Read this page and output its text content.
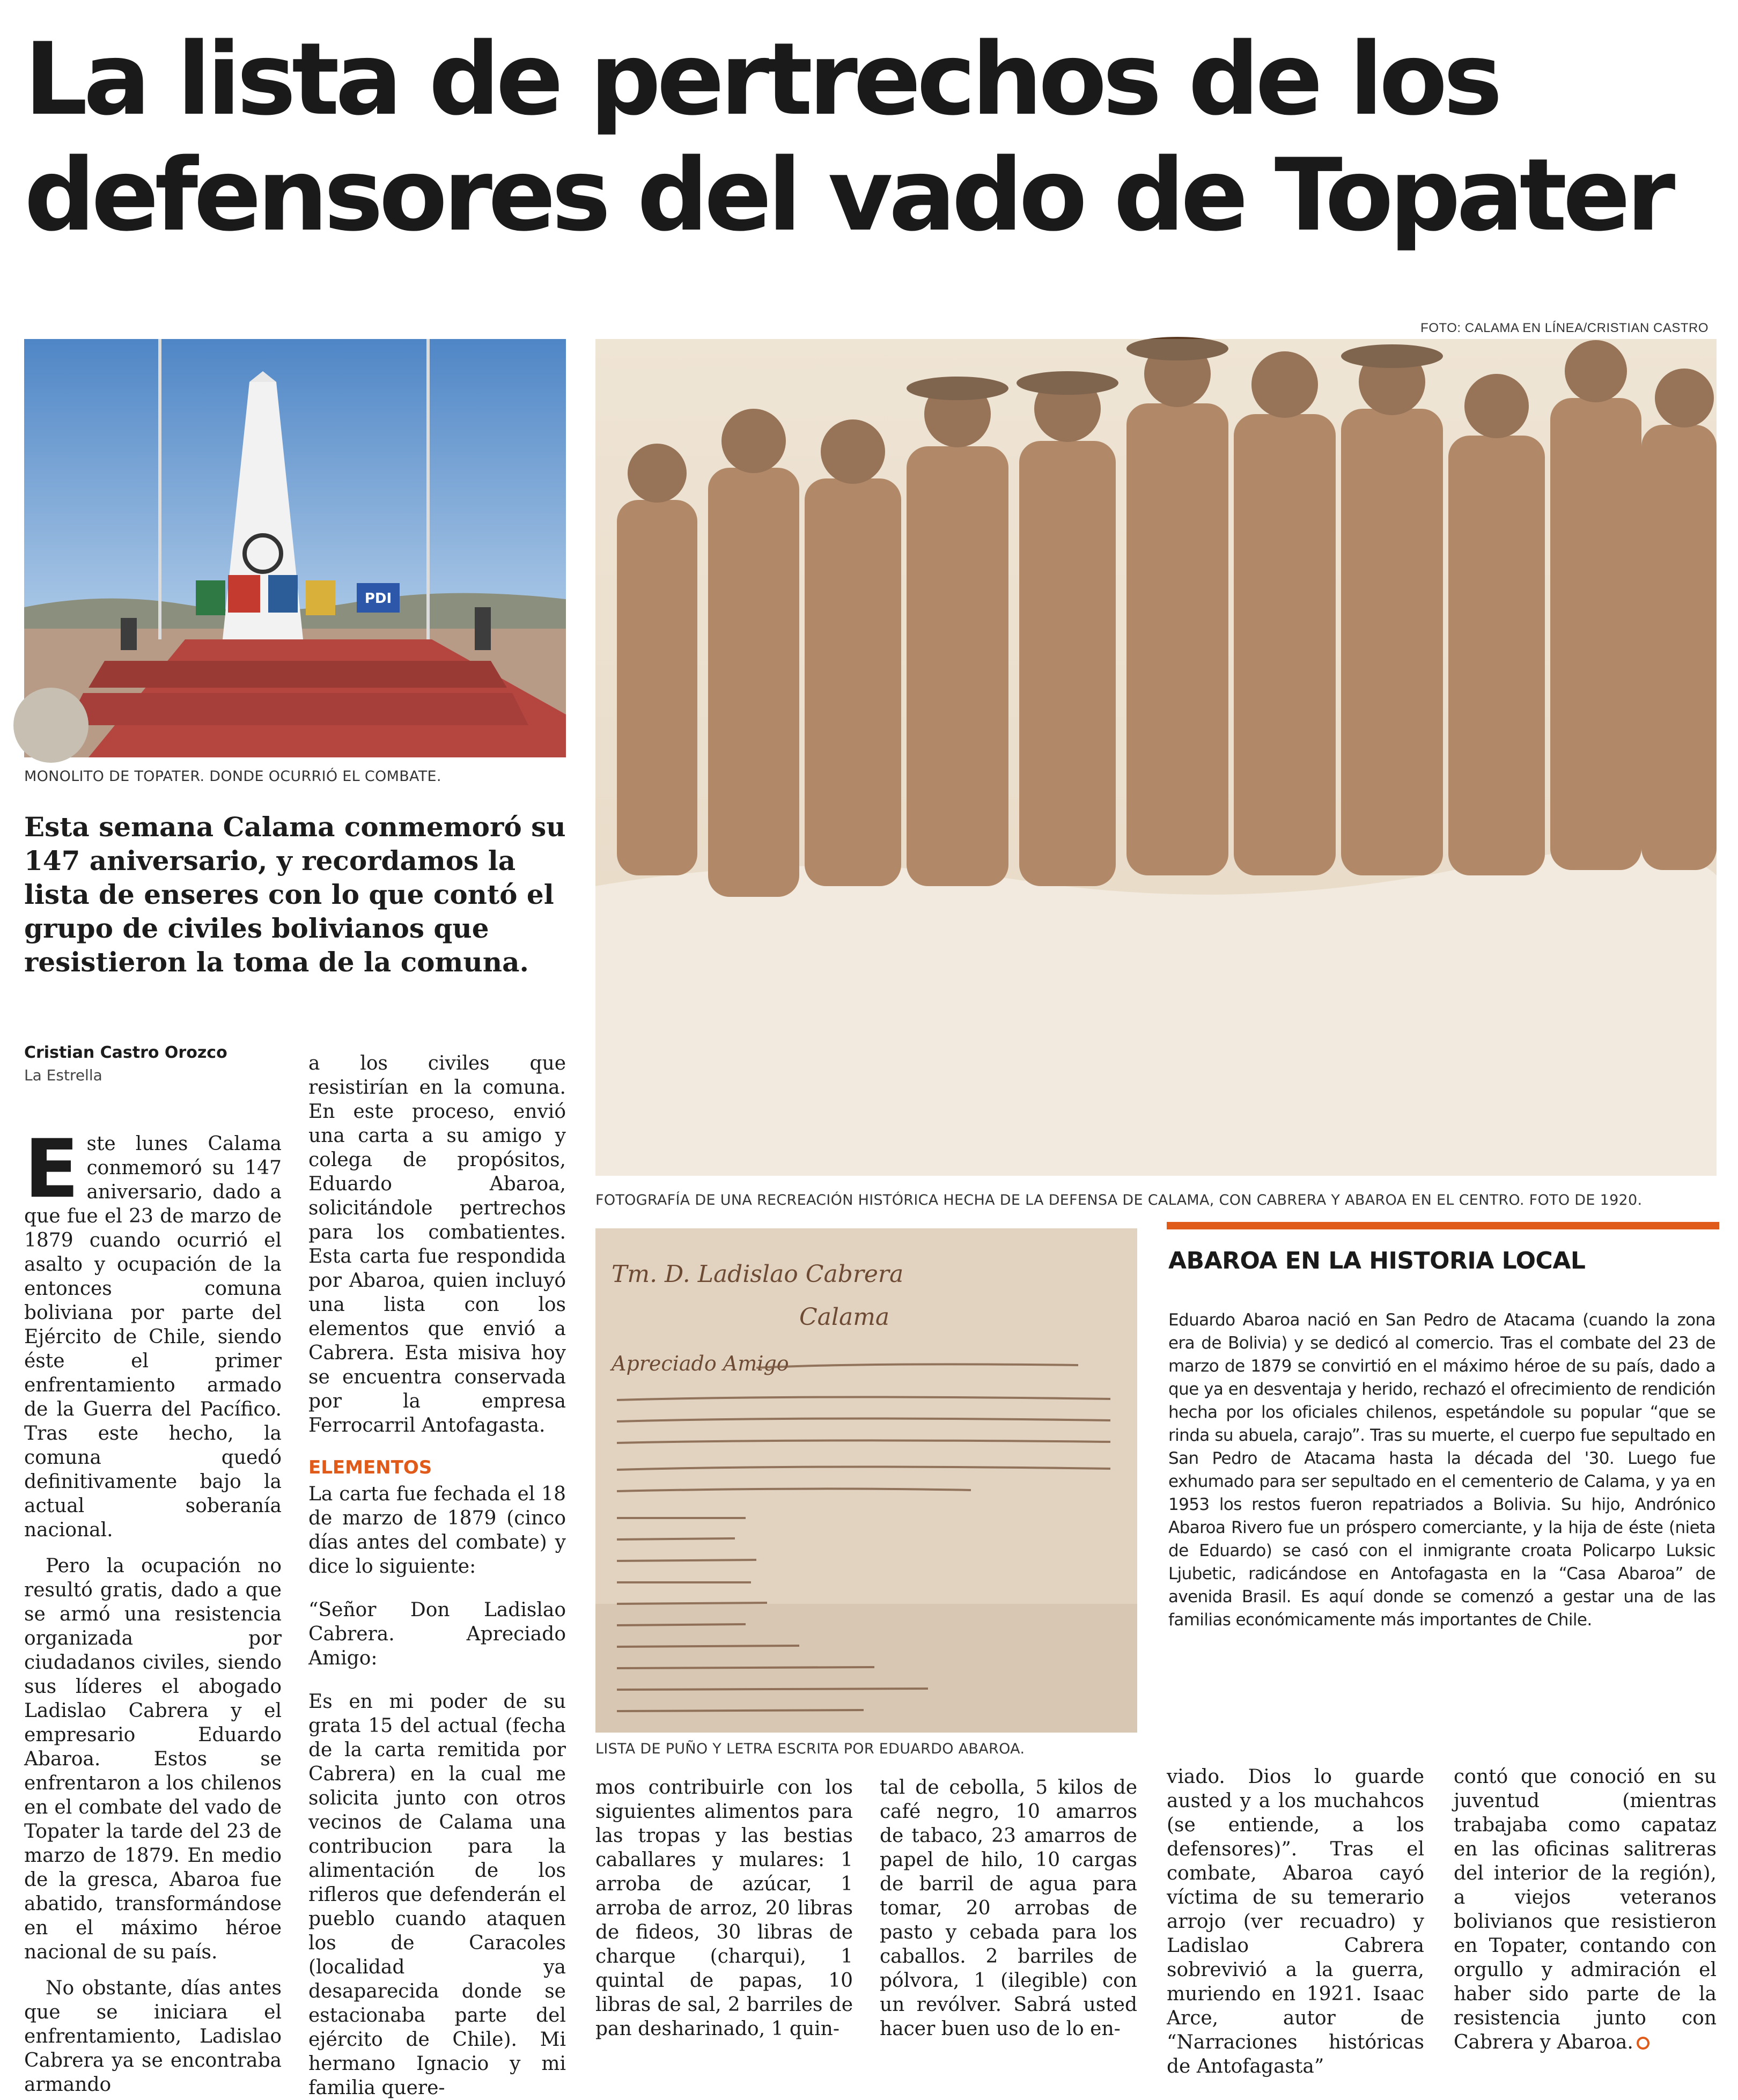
La lista de pertrechos de los defensores del vado de Topater
FOTO: CALAMA EN LÍNEA/CRISTIAN CASTRO
PDI
MONOLITO DE TOPATER. DONDE OCURRIÓ EL COMBATE.
FOTOGRAFÍA DE UNA RECREACIÓN HISTÓRICA HECHA DE LA DEFENSA DE CALAMA, CON CABRERA Y ABAROA EN EL CENTRO. FOTO DE 1920.
Tm. D. Ladislao Cabrera
Calama
Apreciado Amigo
LISTA DE PUÑO Y LETRA ESCRITA POR EDUARDO ABAROA.
Esta semana Calama conmemoró su 147 aniversario, y recordamos la lista de enseres con lo que contó el grupo de civiles bolivianos que resistieron la toma de la comuna.
Cristian Castro Orozco
La Estrella

Este lunes Calama conmemoró su 147 aniversario, dado a que fue el 23 de marzo de 1879 cuando ocurrió el asalto y ocupación de la entonces comuna boliviana por parte del Ejército de Chile, siendo éste el primer enfrentamiento armado de la Guerra del Pacífico. Tras este hecho, la comuna quedó definitivamente bajo la actual soberanía nacional.

Pero la ocupación no resultó gratis, dado a que se armó una resistencia organizada por ciudadanos civiles, siendo sus líderes el abogado Ladislao Cabrera y el empresario Eduardo Abaroa. Estos se enfrentaron a los chilenos en el combate del vado de Topater la tarde del 23 de marzo de 1879. En medio de la gresca, Abaroa fue abatido, transformándose en el máximo héroe nacional de su país.

No obstante, días antes que se iniciara el enfrentamiento, Ladislao Cabrera ya se encontraba armando

a los civiles que resistirían en la comuna. En este proceso, envió una carta a su amigo y colega de propósitos, Eduardo Abaroa, solicitándole pertrechos para los combatientes. Esta carta fue respondida por Abaroa, quien incluyó una lista con los elementos que envió a Cabrera. Esta misiva hoy se encuentra conservada por la empresa Ferrocarril Antofagasta.

ELEMENTOS

La carta fue fechada el 18 de marzo de 1879 (cinco días antes del combate) y dice lo siguiente:

“Señor Don Ladislao Cabrera. Apreciado Amigo:

Es en mi poder de su grata 15 del actual (fecha de la carta remitida por Cabrera) en la cual me solicita junto con otros vecinos de Calama una contribucion para la alimentación de los rifleros que defenderán el pueblo cuando ataquen los de Caracoles (localidad ya desaparecida donde se estacionaba parte del ejército de Chile). Mi hermano Ignacio y mi familia quere-

mos contribuirle con los siguientes alimentos para las tropas y las bestias caballares y mulares: 1 arroba de azúcar, 1 arroba de arroz, 20 libras de fideos, 30 libras de charque (charqui), 1 quintal de papas, 10 libras de sal, 2 barriles de pan desharinado, 1 quin-

tal de cebolla, 5 kilos de café negro, 10 amarros de tabaco, 23 amarros de papel de hilo, 10 cargas de barril de agua para tomar, 20 arrobas de pasto y cebada para los caballos. 2 barriles de pólvora, 1 (ilegible) con un revólver. Sabrá usted hacer buen uso de lo en-

ABAROA EN LA HISTORIA LOCAL
Eduardo Abaroa nació en San Pedro de Atacama (cuando la zona era de Bolivia) y se dedicó al comercio. Tras el combate del 23 de marzo de 1879 se convirtió en el máximo héroe de su país, dado a que ya en desventaja y herido, rechazó el ofrecimiento de rendición hecha por los oficiales chilenos, espetándole su popular “que se rinda su abuela, carajo”. Tras su muerte, el cuerpo fue sepultado en San Pedro de Atacama hasta la década del '30. Luego fue exhumado para ser sepultado en el cementerio de Calama, y ya en 1953 los restos fueron repatriados a Bolivia. Su hijo, Andrónico Abaroa Rivero fue un próspero comerciante, y la hija de éste (nieta de Eduardo) se casó con el inmigrante croata Policarpo Luksic Ljubetic, radicándose en Antofagasta en la “Casa Abaroa” de avenida Brasil. Es aquí donde se comenzó a gestar una de las familias económicamente más importantes de Chile.

viado. Dios lo guarde austed y a los muchahcos (se entiende, a los defensores)”. Tras el combate, Abaroa cayó víctima de su temerario arrojo (ver recuadro) y Ladislao Cabrera sobrevivió a la guerra, muriendo en 1921. Isaac Arce, autor de “Narraciones históricas de Antofagasta”

contó que conoció en su juventud (mientras trabajaba como capataz en las oficinas salitreras del interior de la región), a viejos veteranos bolivianos que resistieron en Topater, contando con orgullo y admiración el haber sido parte de la resistencia junto con Cabrera y Abaroa.
